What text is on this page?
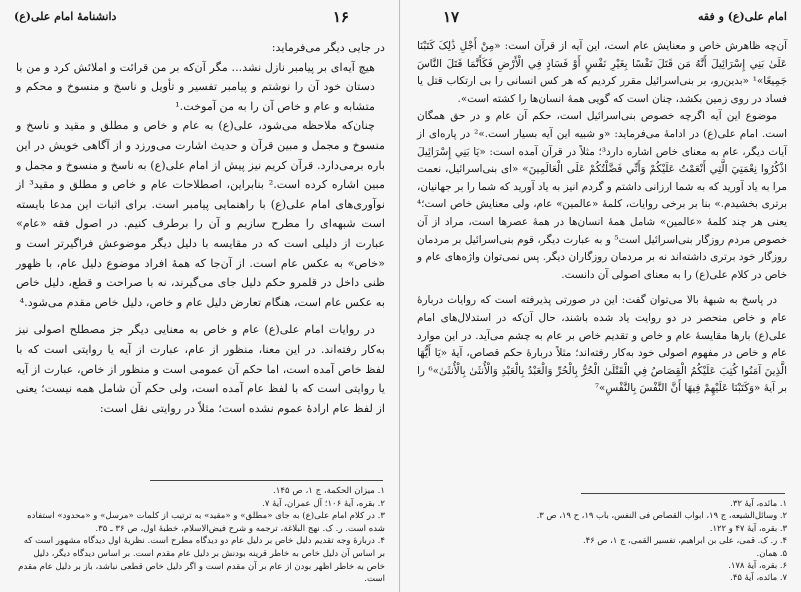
دانشنامهٔ امام علی(ع)	۱۶

در جایی دیگر می‌فرماید:

هیچ آیه‌ای بر پیامبر نازل نشد... مگر آن‌که بر من قرائت و املائش کرد و من با دستان خود آن را نوشتم و پیامبر تفسیر و تأویل و ناسخ و منسوخ و محکم و متشابه و عام و خاص آن را به من آموخت.¹

چنان‌که ملاحظه می‌شود، علی(ع) به عام و خاص و مطلق و مقید و ناسخ و منسوخ و مجمل و مبین قرآن و حدیث اشارت می‌ورزد و از آگاهی خویش در این باره برمی‌دارد. قرآن کریم نیز پیش از امام علی(ع) به ناسخ و منسوخ و مجمل و مبین اشاره کرده است.² بنابراین، اصطلاحات عام و خاص و مطلق و مقید³ از نوآوری‌های امام علی(ع) با راهنمایی پیامبر است. برای اثبات این مدعا بایسته است شبهه‌ای را مطرح سازیم و آن را برطرف کنیم. در اصول فقه «عام» عبارت از دلیلی است که در مقایسه با دلیل دیگر موضوعش فراگیرتر است و «خاص» به عکس عام است. از آن‌جا که همهٔ افراد موضوع دلیل عام، با ظهور ظنی داخل در قلمرو حکم دلیل جای می‌گیرند، نه با صراحت و قطع، دلیل خاص به عکس عام است، هنگام تعارض دلیل عام و خاص، دلیل خاص مقدم می‌شود.⁴

در روایات امام علی(ع) عام و خاص به معنایی دیگر جز مصطلح اصولی نیز به‌کار رفته‌اند. در این معنا، منظور از عام، عبارت از آیه یا روایتی است که با لفظ خاص آمده است، اما حکم آن عمومی است و منظور از خاص، عبارت از آیه یا روایتی است که با لفظ عام آمده است، ولی حکم آن شامل همه نیست؛ یعنی از لفظ عام ارادهٔ عموم نشده است؛ مثلاً در روایتی نقل است:

۱. میزان الحکمة، ج ۱، ص ۱۴۵.

۲. بقره، آیهٔ ۱۰۶؛ آل عمران، آیهٔ ۷.

۳. در کلام امام علی(ع) به جای «مطلق» و «مقید» به ترتیب از کلمات «مرسل» و «محدود» استفاده شده است. ر. ک. نهج البلاغة، ترجمه و شرح فیض‌الاسلام، خطبهٔ اول، ص ۳۶ ـ ۳۵.

۴. دربارهٔ وجه تقدیم دلیل خاص بر دلیل عام دو دیدگاه مطرح است. نظریهٔ اول دیدگاه مشهور است که بر اساس آن دلیل خاص به خاطر قرینه بودنش بر دلیل عام مقدم است. بر اساس دیدگاه دیگر، دلیل خاص به خاطر اظهر بودن از عام بر آن مقدم است و اگر دلیل خاص قطعی نباشد، باز بر دلیل عام مقدم است.

امام علی(ع) و فقه
۱۷

آن‌چه ظاهرش خاص و معنایش عام است، این آیه از قرآن است: «مِنْ أَجْلِ ذَٰلِکَ کَتَبْنَا عَلَیٰ بَنِي إِسْرَائِيلَ أَنَّهُ مَن قَتَلَ نَفْسًا بِغَيْرِ نَفْسٍ أَوْ فَسَادٍ فِي الْأَرْضِ فَكَأَنَّمَا قَتَلَ النَّاسَ جَمِيعًا»¹ «بدین‌رو، بر بنی‌اسرائیل مقرر کردیم که هر کس انسانی را بی ارتکاب قتل یا فساد در روی زمین بکشد، چنان است که گویی همهٔ انسان‌ها را کشته است».

موضوع این آیه اگرچه خصوص بنی‌اسرائیل است، حکم آن عام و در حق همگان است. امام علی(ع) در ادامهٔ می‌فرماید: «و شبیه این آیه بسیار است.»² در پاره‌ای از آیات دیگر، عام به معنای خاص اشاره دارد³؛ مثلاً در قرآن آمده است: «یَا بَنِي إِسْرَائِيلَ اذْكُرُوا نِعْمَتِيَ الَّتِي أَنْعَمْتُ عَلَيْكُمْ وَأَنِّي فَضَّلْتُكُمْ عَلَى الْعَالَمِينَ» «ای بنی‌اسرائیل، نعمت مرا به یاد آورید که به شما ارزانی داشتم و گردم انیز به یاد آورید که شما را بر جهانیان، برتری بخشیدم.» بنا بر برخی روایات، کلمهٔ «عالمین» عام، ولی معنایش خاص است؛⁴ یعنی هر چند کلمهٔ «عالمین» شامل همهٔ انسان‌ها در همهٔ عصرها است، مراد از آن خصوص مردم روزگار بنی‌اسرائیل است⁵ و به عبارت دیگر، قوم بنی‌اسرائیل بر مردمان روزگار خود برتری داشته‌اند نه بر مردمان روزگاران دیگر. پس نمی‌توان واژه‌های عام و خاص در کلام علی(ع) را به معنای اصولی آن دانست.

در پاسخ به شبههٔ بالا می‌توان گفت: این در صورتی پذیرفته است که روایات دربارهٔ عام و خاص منحصر در دو روایت یاد شده باشند، حال آن‌که در استدلال‌های امام علی(ع) بارها مقایسهٔ عام و خاص و تقدیم خاص بر عام به چشم می‌آید. در این موارد عام و خاص در مفهوم اصولی خود به‌کار رفته‌اند؛ مثلاً دربارهٔ حکم قصاص، آیهٔ «یَا أَيُّهَا الَّذِينَ آمَنُوا كُتِبَ عَلَيْكُمُ الْقِصَاصُ فِي الْقَتْلَىٰ الْحُرُّ بِالْحُرِّ وَالْعَبْدُ بِالْعَبْدِ وَالْأُنثَىٰ بِالْأُنثَىٰ»⁶ را بر آیهٔ «وَكَتَبْنَا عَلَيْهِمْ فِيهَا أَنَّ النَّفْسَ بِالنَّفْسِ»⁷

۱. مائده، آیهٔ ۳۲.

۲. وسائل‌الشیعه، ج ۱۹، ابواب القصاص فی النفس، باب ۱۹، ح ۱۹، ص ۳.

۳. بقره، آیهٔ ۴۷ و ۱۲۲.

۴. ر. ک. قمی، علی بن ابراهیم، تفسیر القمی، ج ۱، ص ۴۶.

۵. همان.

۶. بقره، آیهٔ ۱۷۸.

۷. مائده، آیهٔ ۴۵.
